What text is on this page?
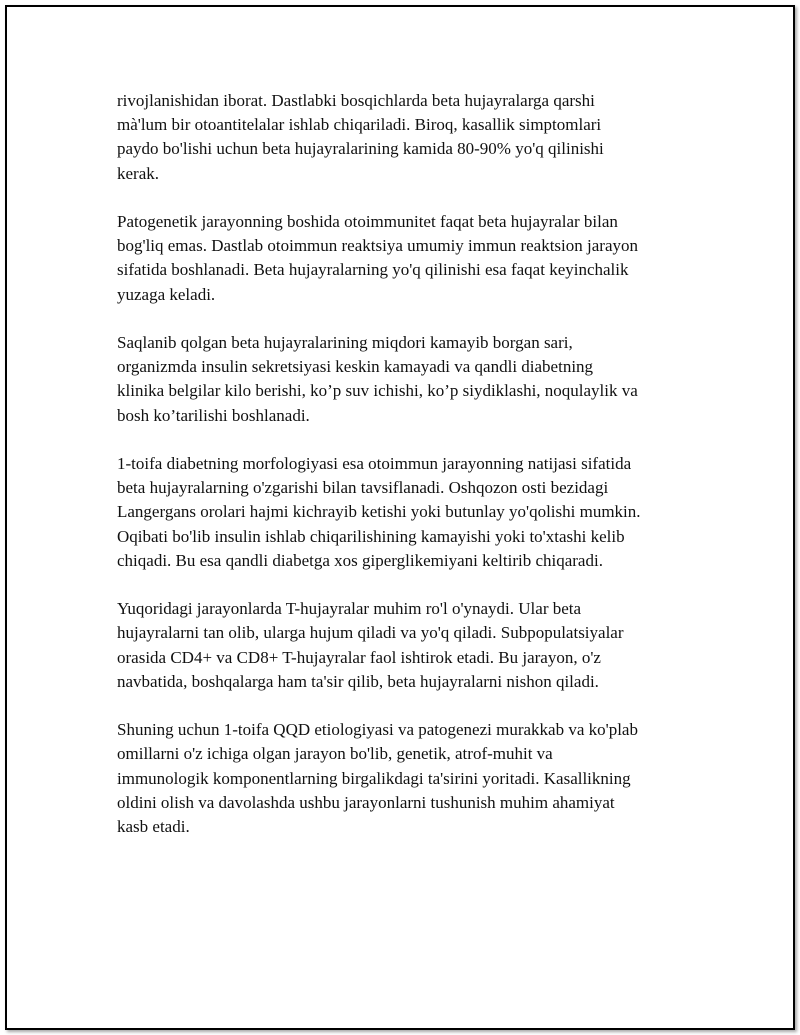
rivojlanishidan iborat. Dastlabki bosqichlarda beta hujayralarga qarshi
mà'lum bir otoantitelalar ishlab chiqariladi. Biroq, kasallik simptomlari
paydo bo'lishi uchun beta hujayralarining kamida 80-90% yo'q qilinishi
kerak.

Patogenetik jarayonning boshida otoimmunitet faqat beta hujayralar bilan
bog'liq emas. Dastlab otoimmun reaktsiya umumiy immun reaktsion jarayon
sifatida boshlanadi. Beta hujayralarning yo'q qilinishi esa faqat keyinchalik
yuzaga keladi.

Saqlanib qolgan beta hujayralarining miqdori kamayib borgan sari,
organizmda insulin sekretsiyasi keskin kamayadi va qandli diabetning
klinika belgilar kilo berishi, ko’p suv ichishi, ko’p siydiklashi, noqulaylik va
bosh ko’tarilishi boshlanadi.

1-toifa diabetning morfologiyasi esa otoimmun jarayonning natijasi sifatida
beta hujayralarning o'zgarishi bilan tavsiflanadi. Oshqozon osti bezidagi
Langergans orolari hajmi kichrayib ketishi yoki butunlay yo'qolishi mumkin.
Oqibati bo'lib insulin ishlab chiqarilishining kamayishi yoki to'xtashi kelib
chiqadi. Bu esa qandli diabetga xos giperglikemiyani keltirib chiqaradi.

Yuqoridagi jarayonlarda T-hujayralar muhim ro'l o'ynaydi. Ular beta
hujayralarni tan olib, ularga hujum qiladi va yo'q qiladi. Subpopulatsiyalar
orasida CD4+ va CD8+ T-hujayralar faol ishtirok etadi. Bu jarayon, o'z
navbatida, boshqalarga ham ta'sir qilib, beta hujayralarni nishon qiladi.

Shuning uchun 1-toifa QQD etiologiyasi va patogenezi murakkab va ko'plab
omillarni o'z ichiga olgan jarayon bo'lib, genetik, atrof-muhit va
immunologik komponentlarning birgalikdagi ta'sirini yoritadi. Kasallikning
oldini olish va davolashda ushbu jarayonlarni tushunish muhim ahamiyat
kasb etadi.
